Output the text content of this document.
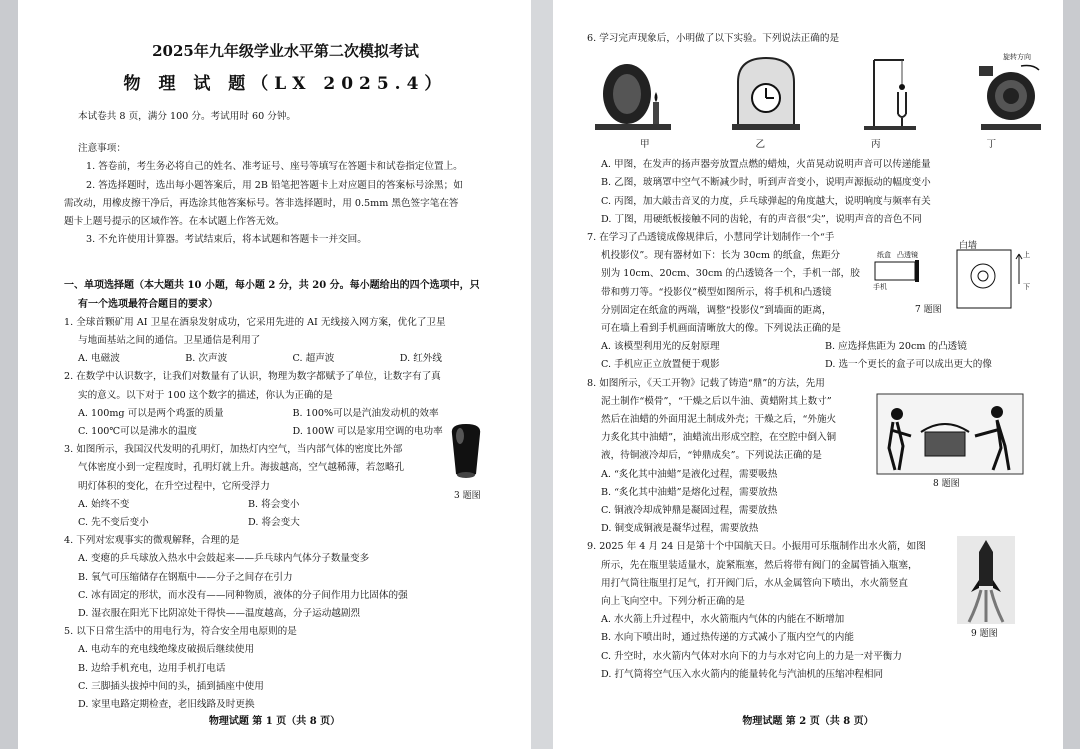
2025年九年级学业水平第二次模拟考试
物 理 试 题（LX 2025.4）
本试卷共 8 页，满分 100 分。考试用时 60 分钟。
注意事项：
1. 答卷前，考生务必将自己的姓名、准考证号、座号等填写在答题卡和试卷指定位置上。
2. 答选择题时，选出每小题答案后，用 2B 铅笔把答题卡上对应题目的答案标号涂黑；如
需改动，用橡皮擦干净后，再选涂其他答案标号。答非选择题时，用 0.5mm 黑色签字笔在答
题卡上题号提示的区域作答。在本试题上作答无效。
3. 不允许使用计算器。考试结束后，将本试题和答题卡一并交回。
一、单项选择题（本大题共 10 小题，每小题 2 分，共 20 分。每小题给出的四个选项中，只
有一个选项最符合题目的要求）
1. 全球首颗矿用 AI 卫星在酒泉发射成功，它采用先进的 AI 无线接入网方案，优化了卫星
与地面基站之间的通信。卫星通信是利用了
A. 电磁波	B. 次声波	C. 超声波	D. 红外线
2. 在数学中认识数字，让我们对数量有了认识，物理为数字都赋予了单位，让数字有了真
实的意义。以下对于 100 这个数字的描述，你认为正确的是
A. 100mg 可以是两个鸡蛋的质量	B. 100%可以是汽油发动机的效率
C. 100℃可以是沸水的温度	D. 100W 可以是家用空调的电功率
3. 如图所示，我国汉代发明的孔明灯，加热灯内空气，当内部气体的密度比外部
气体密度小到一定程度时，孔明灯就上升。海拔越高，空气越稀薄，若忽略孔
明灯体积的变化，在升空过程中，它所受浮力
A. 始终不变	B. 将会变小
C. 先不变后变小	D. 将会变大
4. 下列对宏观事实的微观解释，合理的是
A. 变瘪的乒乓球放入热水中会鼓起来——乒乓球内气体分子数量变多
B. 氧气可压缩储存在钢瓶中——分子之间存在引力
C. 冰有固定的形状，而水没有——同种物质，液体的分子间作用力比固体的强
D. 湿衣服在阳光下比阴凉处干得快——温度越高，分子运动越剧烈
5. 以下日常生活中的用电行为，符合安全用电原则的是
A. 电动车的充电线绝缘皮破损后继续使用
B. 边给手机充电，边用手机打电话
C. 三脚插头拔掉中间的头，插到插座中使用
D. 家里电路定期检查，老旧线路及时更换
3 题图
物理试题 第 1 页（共 8 页）
6. 学习完声现象后，小明做了以下实验。下列说法正确的是
旋转方向
甲	乙	丙	丁
A. 甲图，在发声的扬声器旁放置点燃的蜡烛，火苗晃动说明声音可以传递能量
B. 乙图，玻璃罩中空气不断减少时，听到声音变小，说明声源振动的幅度变小
C. 丙图，加大敲击音叉的力度，乒乓球弹起的角度越大，说明响度与频率有关
D. 丁图，用硬纸板接触不同的齿轮，有的声音很“尖”，说明声音的音色不同
7. 在学习了凸透镜成像规律后，小慧同学计划制作一个“手
机投影仪”。现有器材如下：长为 30cm 的纸盒，焦距分
别为 10cm、20cm、30cm 的凸透镜各一个，手机一部，胶
带和剪刀等。“投影仪”模型如图所示，将手机和凸透镜
分别固定在纸盒的两端，调整“投影仪”到墙面的距离，
可在墙上看到手机画面清晰放大的像。下列说法正确的是
A. 该模型利用光的反射原理	B. 应选择焦距为 20cm 的凸透镜
C. 手机应正立放置便于观影	D. 选一个更长的盒子可以成出更大的像
8. 如图所示，《天工开物》记载了铸造“鼎”的方法，先用
泥土制作“模骨”，“干燥之后以牛油、黄蜡附其上数寸”
然后在油蜡的外面用泥土制成外壳；干燥之后，“外施火
力炙化其中油蜡”，油蜡流出形成空腔，在空腔中倒入铜
液，待铜液冷却后，“钟鼎成矣”。下列说法正确的是
A. “炙化其中油蜡”是液化过程，需要吸热
B. “炙化其中油蜡”是熔化过程，需要放热
C. 铜液冷却成钟鼎是凝固过程，需要放热
D. 铜变成铜液是凝华过程，需要放热
9. 2025 年 4 月 24 日是第十个中国航天日。小振用可乐瓶制作出水火箭，如图
所示，先在瓶里装适量水，旋紧瓶塞，然后将带有阀门的金属管插入瓶塞，
用打气筒往瓶里打足气，打开阀门后，水从金属管向下喷出，水火箭竖直
向上飞向空中。下列分析正确的是
A. 水火箭上升过程中，水火箭瓶内气体的内能在不断增加
B. 水向下喷出时，通过热传递的方式减小了瓶内空气的内能
C. 升空时，水火箭内气体对水向下的力与水对它向上的力是一对平衡力
D. 打气筒将空气压入水火箭内的能量转化与汽油机的压缩冲程相同
白墙
纸盒 凸透镜
手机
上
下
7 题图
8 题图
9 题图
物理试题 第 2 页（共 8 页）
